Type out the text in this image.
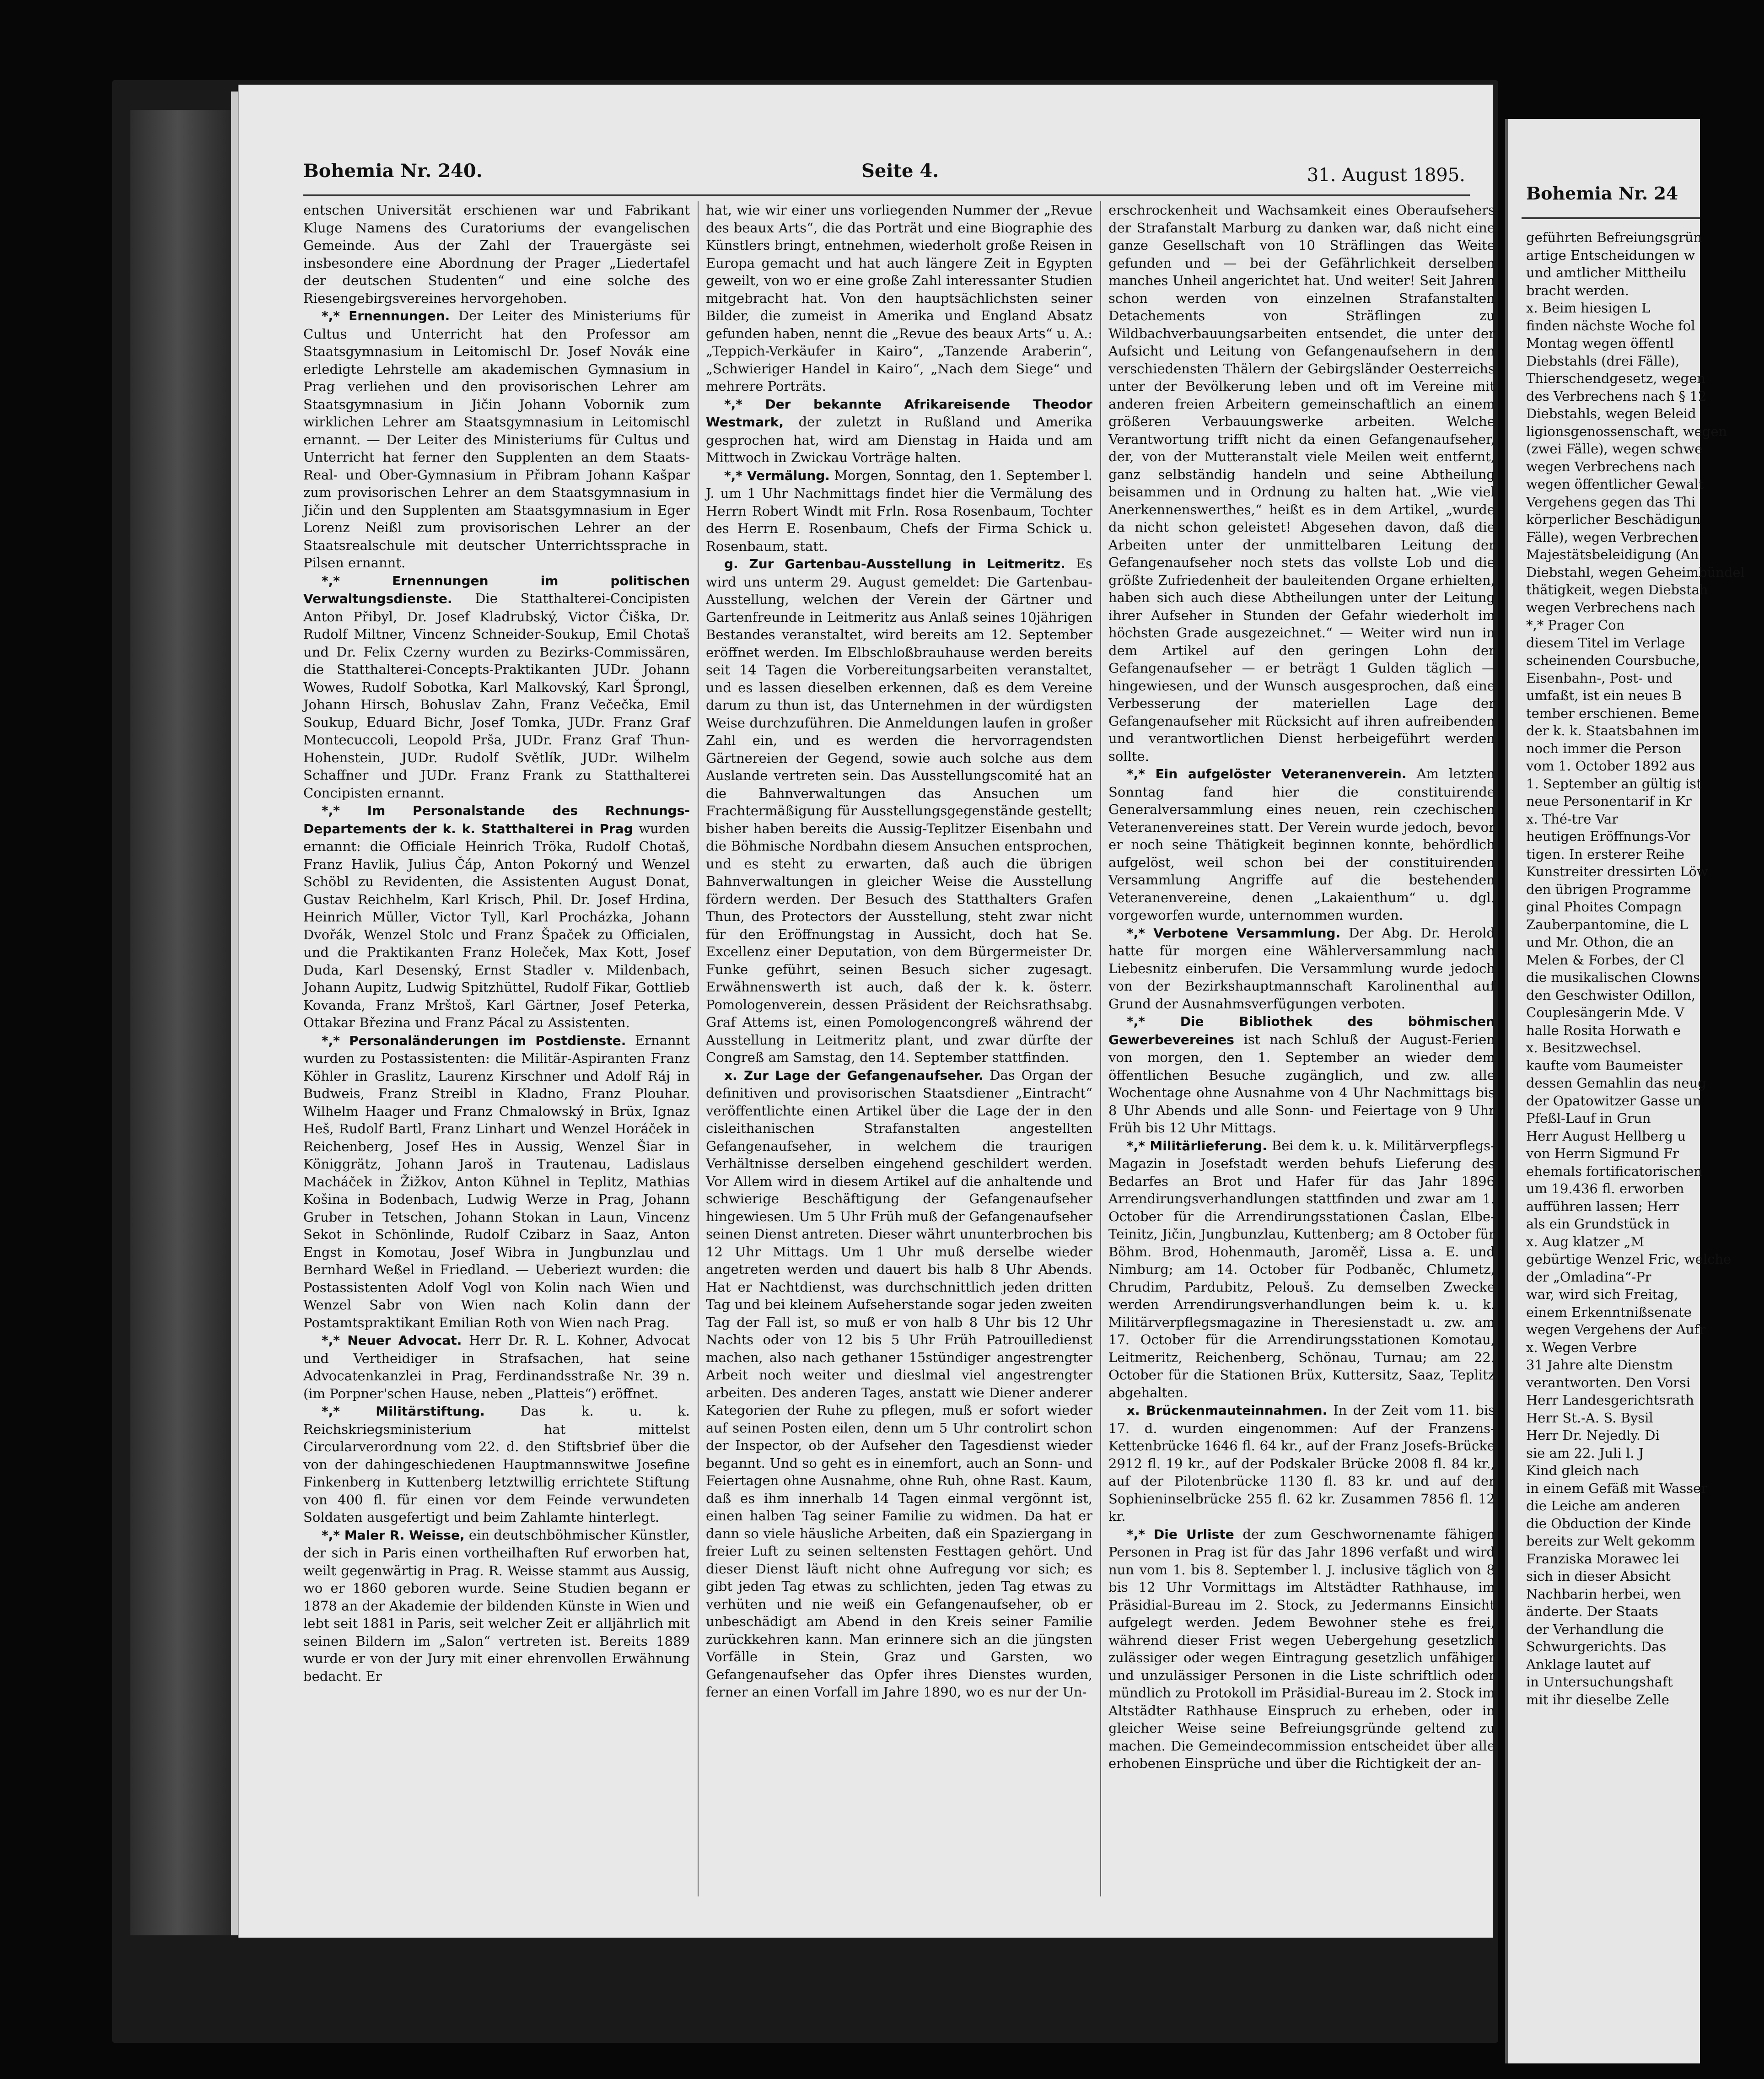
Bohemia Nr. 240.	Seite 4.	31. August 1895.

entschen Universität erschienen war und Fabrikant Kluge Namens des Curatoriums der evangelischen Gemeinde. Aus der Zahl der Trauergäste sei insbesondere eine Abordnung der Prager „Liedertafel der deutschen Studenten“ und eine solche des Riesengebirgsvereines hervorgehoben.

*,* Ernennungen. Der Leiter des Ministeriums für Cultus und Unterricht hat den Professor am Staatsgymnasium in Leitomischl Dr. Josef Novák eine erledigte Lehrstelle am akademischen Gymnasium in Prag verliehen und den provisorischen Lehrer am Staatsgymnasium in Jičin Johann Vobornik zum wirklichen Lehrer am Staatsgymnasium in Leitomischl ernannt. — Der Leiter des Ministeriums für Cultus und Unterricht hat ferner den Supplenten an dem Staats-Real- und Ober-Gymnasium in Přibram Johann Kašpar zum provisorischen Lehrer an dem Staatsgymnasium in Jičin und den Supplenten am Staatsgymnasium in Eger Lorenz Neißl zum provisorischen Lehrer an der Staatsrealschule mit deutscher Unterrichtssprache in Pilsen ernannt.

*,* Ernennungen im politischen Verwaltungsdienste. Die Statthalterei-Concipisten Anton Přibyl, Dr. Josef Kladrubský, Victor Čiška, Dr. Rudolf Miltner, Vincenz Schneider-Soukup, Emil Chotaš und Dr. Felix Czerny wurden zu Bezirks-Commissären, die Statthalterei-Concepts-Praktikanten JUDr. Johann Wowes, Rudolf Sobotka, Karl Malkovský, Karl Šprongl, Johann Hirsch, Bohuslav Zahn, Franz Večečka, Emil Soukup, Eduard Bichr, Josef Tomka, JUDr. Franz Graf Montecuccoli, Leopold Prša, JUDr. Franz Graf Thun-Hohenstein, JUDr. Rudolf Světlík, JUDr. Wilhelm Schaffner und JUDr. Franz Frank zu Statthalterei Concipisten ernannt.

*,* Im Personalstande des Rechnungs-Departements der k. k. Statthalterei in Prag wurden ernannt: die Officiale Heinrich Tröka, Rudolf Chotaš, Franz Havlik, Julius Čáp, Anton Pokorný und Wenzel Schöbl zu Revidenten, die Assistenten August Donat, Gustav Reichhelm, Karl Krisch, Phil. Dr. Josef Hrdina, Heinrich Müller, Victor Tyll, Karl Procházka, Johann Dvořák, Wenzel Stolc und Franz Špaček zu Officialen, und die Praktikanten Franz Holeček, Max Kott, Josef Duda, Karl Desenský, Ernst Stadler v. Mildenbach, Johann Aupitz, Ludwig Spitzhüttel, Rudolf Fikar, Gottlieb Kovanda, Franz Mrštoš, Karl Gärtner, Josef Peterka, Ottakar Březina und Franz Pácal zu Assistenten.

*,* Personaländerungen im Postdienste. Ernannt wurden zu Postassistenten: die Militär-Aspiranten Franz Köhler in Graslitz, Laurenz Kirschner und Adolf Ráj in Budweis, Franz Streibl in Kladno, Franz Plouhar. Wilhelm Haager und Franz Chmalowský in Brüx, Ignaz Heš, Rudolf Bartl, Franz Linhart und Wenzel Horáček in Reichenberg, Josef Hes in Aussig, Wenzel Šiar in Königgrätz, Johann Jaroš in Trautenau, Ladislaus Macháček in Žižkov, Anton Kühnel in Teplitz, Mathias Košina in Bodenbach, Ludwig Werze in Prag, Johann Gruber in Tetschen, Johann Stokan in Laun, Vincenz Sekot in Schönlinde, Rudolf Czibarz in Saaz, Anton Engst in Komotau, Josef Wibra in Jungbunzlau und Bernhard Weßel in Friedland. — Ueberiezt wurden: die Postassistenten Adolf Vogl von Kolin nach Wien und Wenzel Sabr von Wien nach Kolin dann der Postamtspraktikant Emilian Roth von Wien nach Prag.

*,* Neuer Advocat. Herr Dr. R. L. Kohner, Advocat und Vertheidiger in Strafsachen, hat seine Advocatenkanzlei in Prag, Ferdinandsstraße Nr. 39 n. (im Porpner'schen Hause, neben „Platteis“) eröffnet.

*,* Militärstiftung.	Das k. u. k. Reichskriegsministerium hat mittelst Circularverordnung vom 22. d. den Stiftsbrief über die von der dahingeschiedenen Hauptmannswitwe Josefine Finkenberg in Kuttenberg letztwillig errichtete Stiftung von 400 fl. für einen vor dem Feinde verwundeten Soldaten ausgefertigt und beim Zahlamte hinterlegt.

*,* Maler R. Weisse, ein deutschböhmischer Künstler, der sich in Paris einen vortheilhaften Ruf erworben hat, weilt gegenwärtig in Prag. R. Weisse stammt aus Aussig, wo er 1860 geboren wurde. Seine Studien begann er 1878 an der Akademie der bildenden Künste in Wien und lebt seit 1881 in Paris, seit welcher Zeit er alljährlich mit seinen Bildern im „Salon“ vertreten ist. Bereits 1889 wurde er von der Jury mit einer ehrenvollen Erwähnung bedacht. Er

hat, wie wir einer uns vorliegenden Nummer der „Revue des beaux Arts“, die das Porträt und eine Biographie des Künstlers bringt, entnehmen, wiederholt große Reisen in Europa gemacht und hat auch längere Zeit in Egypten geweilt, von wo er eine große Zahl interessanter Studien mitgebracht hat. Von den hauptsächlichsten seiner Bilder, die zumeist in Amerika und England Absatz gefunden haben, nennt die „Revue des beaux Arts“ u. A.: „Teppich-Verkäufer in Kairo“, „Tanzende Araberin“, „Schwieriger Handel in Kairo“, „Nach dem Siege“ und mehrere Porträts.

*,* Der bekannte Afrikareisende Theodor Westmark, der zuletzt in Rußland und Amerika gesprochen hat, wird am Dienstag in Haida und am Mittwoch in Zwickau Vorträge halten.

*,* Vermälung. Morgen, Sonntag, den 1. September l. J. um 1 Uhr Nachmittags findet hier die Vermälung des Herrn Robert Windt mit Frln. Rosa Rosenbaum, Tochter des Herrn E. Rosenbaum, Chefs der Firma Schick u. Rosenbaum, statt.

g. Zur Gartenbau-Ausstellung in Leitmeritz. Es wird uns unterm 29. August gemeldet: Die Gartenbau-Ausstellung, welchen der Verein der Gärtner und Gartenfreunde in Leitmeritz aus Anlaß seines 10jährigen Bestandes veranstaltet, wird bereits am 12. September eröffnet werden. Im Elbschloßbrauhause werden bereits seit 14 Tagen die Vorbereitungsarbeiten veranstaltet, und es lassen dieselben erkennen, daß es dem Vereine darum zu thun ist, das Unternehmen in der würdigsten Weise durchzuführen. Die Anmeldungen laufen in großer Zahl ein, und es werden die hervorragendsten Gärtnereien der Gegend, sowie auch solche aus dem Auslande vertreten sein. Das Ausstellungscomité hat an die Bahnverwaltungen das Ansuchen um Frachtermäßigung für Ausstellungsgegenstände gestellt; bisher haben bereits die Aussig-Teplitzer Eisenbahn und die Böhmische Nordbahn diesem Ansuchen entsprochen, und es steht zu erwarten, daß auch die übrigen Bahnverwaltungen in gleicher Weise die Ausstellung fördern werden. Der Besuch des Statthalters Grafen Thun, des Protectors der Ausstellung, steht zwar nicht für den Eröffnungstag in Aussicht, doch hat Se. Excellenz einer Deputation, von dem Bürgermeister Dr. Funke geführt, seinen Besuch sicher zugesagt. Erwähnenswerth ist auch, daß der k. k. österr. Pomologenverein, dessen Präsident der Reichsrathsabg. Graf Attems ist, einen Pomologencongreß während der Ausstellung in Leitmeritz plant, und zwar dürfte der Congreß am Samstag, den 14. September stattfinden.

x. Zur Lage der Gefangenaufseher. Das Organ der definitiven und provisorischen Staatsdiener „Eintracht“ veröffentlichte einen Artikel über die Lage der in den cisleithanischen Strafanstalten angestellten Gefangenaufseher, in welchem die traurigen Verhältnisse derselben eingehend geschildert werden. Vor Allem wird in diesem Artikel auf die anhaltende und schwierige Beschäftigung der Gefangenaufseher hingewiesen. Um 5 Uhr Früh muß der Gefangenaufseher seinen Dienst antreten. Dieser währt ununterbrochen bis 12 Uhr Mittags. Um 1 Uhr muß derselbe wieder angetreten werden und dauert bis halb 8 Uhr Abends. Hat er Nachtdienst, was durchschnittlich jeden dritten Tag und bei kleinem Aufseherstande sogar jeden zweiten Tag der Fall ist, so muß er von halb 8 Uhr bis 12 Uhr Nachts oder von 12 bis 5 Uhr Früh Patrouilledienst machen, also nach gethaner 15stündiger angestrengter Arbeit noch weiter und dieslmal viel angestrengter arbeiten. Des anderen Tages, anstatt wie Diener anderer Kategorien der Ruhe zu pflegen, muß er sofort wieder auf seinen Posten eilen, denn um 5 Uhr controlirt schon der Inspector, ob der Aufseher den Tagesdienst wieder begannt. Und so geht es in einemfort, auch an Sonn- und Feiertagen ohne Ausnahme, ohne Ruh, ohne Rast. Kaum, daß es ihm innerhalb 14 Tagen einmal vergönnt ist, einen halben Tag seiner Familie zu widmen. Da hat er dann so viele häusliche Arbeiten, daß ein Spaziergang in freier Luft zu seinen seltensten Festtagen gehört. Und dieser Dienst läuft nicht ohne Aufregung vor sich; es gibt jeden Tag etwas zu schlichten, jeden Tag etwas zu verhüten und nie weiß ein Gefangenaufseher, ob er unbeschädigt am Abend in den Kreis seiner Familie zurückkehren kann. Man erinnere sich an die jüngsten Vorfälle in Stein, Graz und Garsten, wo Gefangenaufseher das Opfer ihres Dienstes wurden, ferner an einen Vorfall im Jahre 1890, wo es nur der Un-

erschrockenheit und Wachsamkeit eines Oberaufsehers der Strafanstalt Marburg zu danken war, daß nicht eine ganze Gesellschaft von 10 Sträflingen das Weite gefunden und — bei der Gefährlichkeit derselben manches Unheil angerichtet hat. Und weiter! Seit Jahren schon werden von einzelnen Strafanstalten Detachements von Sträflingen zu Wildbachverbauungsarbeiten entsendet, die unter der Aufsicht und Leitung von Gefangenaufsehern in den verschiedensten Thälern der Gebirgsländer Oesterreichs unter der Bevölkerung leben und oft im Vereine mit anderen freien Arbeitern gemeinschaftlich an einem größeren Verbauungswerke arbeiten. Welche Verantwortung trifft nicht da einen Gefangenaufseher, der, von der Mutteranstalt viele Meilen weit entfernt, ganz selbständig handeln und seine Abtheilung beisammen und in Ordnung zu halten hat. „Wie viel Anerkennenswerthes,“ heißt es in dem Artikel, „wurde da nicht schon geleistet! Abgesehen davon, daß die Arbeiten unter der unmittelbaren Leitung der Gefangenaufseher noch stets das vollste Lob und die größte Zufriedenheit der bauleitenden Organe erhielten, haben sich auch diese Abtheilungen unter der Leitung ihrer Aufseher in Stunden der Gefahr wiederholt im höchsten Grade ausgezeichnet.“ — Weiter wird nun in dem Artikel auf den geringen Lohn der Gefangenaufseher — er beträgt 1 Gulden täglich — hingewiesen, und der Wunsch ausgesprochen, daß eine Verbesserung der materiellen Lage der Gefangenaufseher mit Rücksicht auf ihren aufreibenden und verantwortlichen Dienst herbeigeführt werden sollte.

*,* Ein aufgelöster Veteranenverein. Am letzten Sonntag fand hier die constituirende Generalversammlung eines neuen, rein czechischen Veteranenvereines statt. Der Verein wurde jedoch, bevor er noch seine Thätigkeit beginnen konnte, behördlich aufgelöst, weil schon bei der constituirenden Versammlung Angriffe auf die bestehenden Veteranenvereine, denen „Lakaienthum“ u. dgl. vorgeworfen wurde, unternommen wurden.

*,* Verbotene Versammlung. Der Abg. Dr. Herold hatte für morgen eine Wählerversammlung nach Liebesnitz einberufen. Die Versammlung wurde jedoch von der Bezirkshauptmannschaft Karolinenthal auf Grund der Ausnahmsverfügungen verboten.

*,* Die Bibliothek des böhmischen Gewerbevereines ist nach Schluß der August-Ferien von morgen, den 1. September an wieder dem öffentlichen Besuche zugänglich, und zw. alle Wochentage ohne Ausnahme von 4 Uhr Nachmittags bis 8 Uhr Abends und alle Sonn- und Feiertage von 9 Uhr Früh bis 12 Uhr Mittags.

*,* Militärlieferung. Bei dem k. u. k. Militärverpflegs-Magazin in Josefstadt werden behufs Lieferung des Bedarfes an Brot und Hafer für das Jahr 1896 Arrendirungsverhandlungen stattfinden und zwar am 1. October für die Arrendirungsstationen Časlan, Elbe-Teinitz, Jičin, Jungbunzlau, Kuttenberg; am 8 October für Böhm. Brod, Hohenmauth, Jaroměř, Lissa a. E. und Nimburg; am 14. October für Podbaněc, Chlumetz, Chrudim, Pardubitz, Pelouš. Zu demselben Zwecke werden Arrendirungsverhandlungen beim k. u. k. Militärverpflegsmagazine in Theresienstadt u. zw. am 17. October für die Arrendirungsstationen Komotau, Leitmeritz, Reichenberg, Schönau, Turnau; am 22. October für die Stationen Brüx, Kuttersitz, Saaz, Teplitz abgehalten.

x. Brückenmauteinnahmen. In der Zeit vom 11. bis 17. d. wurden eingenommen: Auf der Franzens-Kettenbrücke 1646 fl. 64 kr., auf der Franz Josefs-Brücke 2912 fl. 19 kr., auf der Podskaler Brücke 2008 fl. 84 kr., auf der Pilotenbrücke 1130 fl. 83 kr. und auf der Sophieninselbrücke 255 fl. 62 kr. Zusammen 7856 fl. 12 kr.

*,* Die Urliste der zum Geschwornenamte fähigen Personen in Prag ist für das Jahr 1896 verfaßt und wird nun vom 1. bis 8. September l. J. inclusive täglich von 8 bis 12 Uhr Vormittags im Altstädter Rathhause, im Präsidial-Bureau im 2. Stock, zu Jedermanns Einsicht aufgelegt werden. Jedem Bewohner stehe es frei, während dieser Frist wegen Uebergehung gesetzlich zulässiger oder wegen Eintragung gesetzlich unfähiger und unzulässiger Personen in die Liste schriftlich oder mündlich zu Protokoll im Präsidial-Bureau im 2. Stock im Altstädter Rathhause Einspruch zu erheben, oder in gleicher Weise seine Befreiungsgründe geltend zu machen. Die Gemeindecommission entscheidet über alle erhobenen Einsprüche und über die Richtigkeit der an-

Bohemia Nr. 24
geführten Befreiungsgrün
artige Entscheidungen w
und amtlicher Mittheilu
bracht werden.
x. Beim hiesigen L
finden nächste Woche fol
Montag wegen öffentl
Diebstahls (drei Fälle),
Thierschendgesetz, wegen
des Verbrechens nach § 12
Diebstahls, wegen Beleid
ligionsgenossenschaft, wegen
(zwei Fälle), wegen schwe
wegen Verbrechens nach
wegen öffentlicher Gewalt
Vergehens gegen das Thi
körperlicher Beschädigun
Fälle), wegen Verbrechen
Majestätsbeleidigung (An
Diebstahl, wegen Geheimbündel
thätigkeit, wegen Diebstah
wegen Verbrechens nach
*,* Prager Con
diesem Titel im Verlage
scheinenden Coursbuche,
Eisenbahn-, Post- und
umfaßt, ist ein neues B
tember erschienen. Beme
der k. k. Staatsbahnen im
noch immer die Person
vom 1. October 1892 aus
1. September an gültig ist
neue Personentarif in Kr
x. Thé-tre Var
heutigen Eröffnungs-Vor
tigen. In ersterer Reihe
Kunstreiter dressirten Löw
den übrigen Programme
ginal Phoites Compagn
Zauberpantomine, die L
und Mr. Othon, die an
Melen & Forbes, der Cl
die musikalischen Clowns
den Geschwister Odillon,
Couplesängerin Mde. V
halle Rosita Horwath e
x. Besitzwechsel.
kaufte vom Baumeister
dessen Gemahlin das neug
der Opatowitzer Gasse un
Pfeßl-Lauf in Grun
Herr August Hellberg u
von Herrn Sigmund Fr
ehemals fortificatorischen
um 19.436 fl. erworben
aufführen lassen; Herr
als ein Grundstück in
x. Aug klatzer „M
gebürtige Wenzel Fric, welche
der „Omladina“-Pr
war, wird sich Freitag,
einem Erkenntnißsenate
wegen Vergehens der Aufr
x. Wegen Verbre
31 Jahre alte Dienstm
verantworten. Den Vorsi
Herr Landesgerichtsrath
Herr St.-A. S. Bysil
Herr Dr. Nejedly. Di
sie am 22. Juli l. J
Kind gleich nach
in einem Gefäß mit Wasser
die Leiche am anderen
die Obduction der Kinde
bereits zur Welt gekomm
Franziska Morawec lei
sich in dieser Absicht
Nachbarin herbei, wen
änderte. Der Staats
der Verhandlung die
Schwurgerichts. Das
Anklage lautet auf
in Untersuchungshaft
mit ihr dieselbe Zelle
